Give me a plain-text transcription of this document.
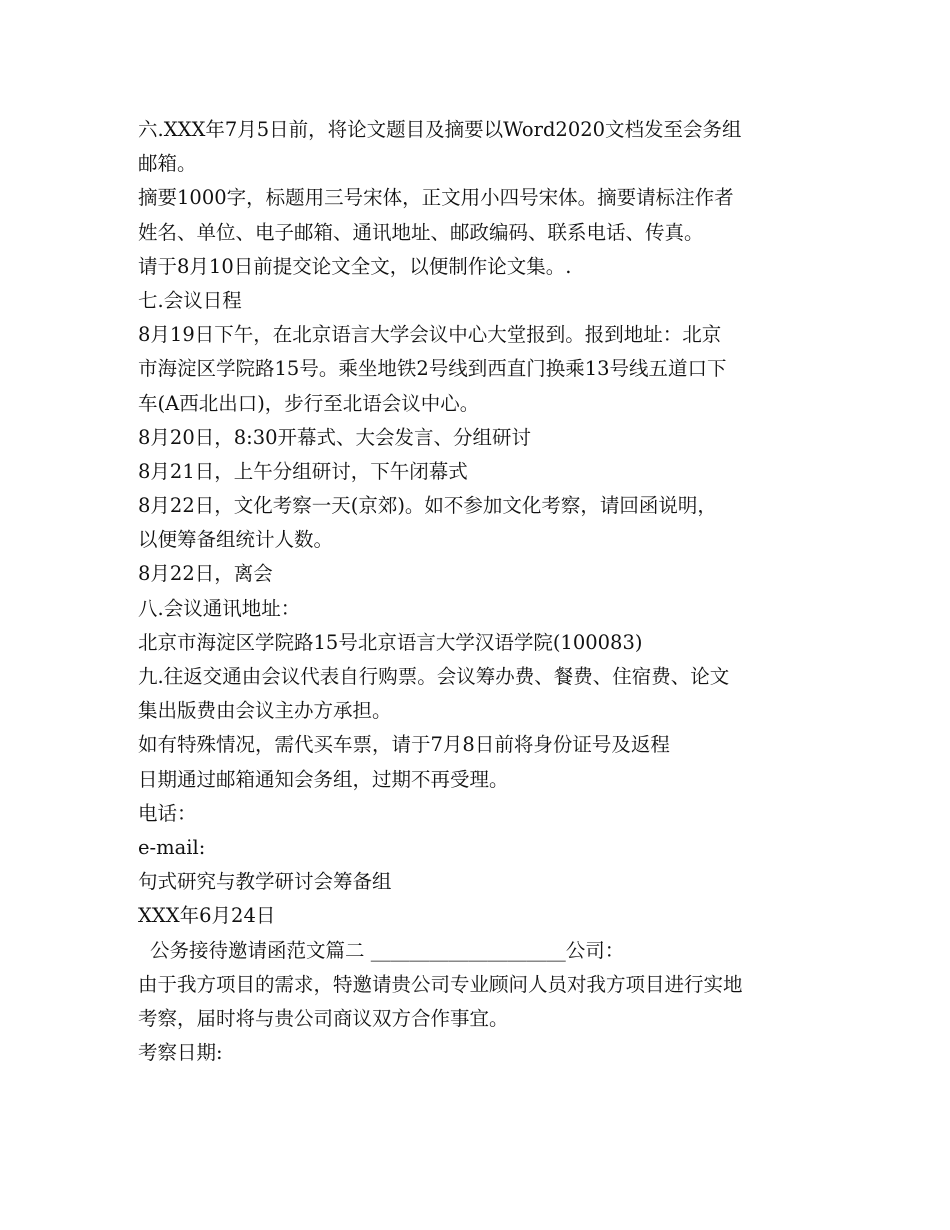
六.XXX年7月5日前，将论文题目及摘要以Word2020文档发至会务组
邮箱。
摘要1000字，标题用三号宋体，正文用小四号宋体。摘要请标注作者
姓名、单位、电子邮箱、通讯地址、邮政编码、联系电话、传真。
请于8月10日前提交论文全文，以便制作论文集。.
七.会议日程
8月19日下午，在北京语言大学会议中心大堂报到。报到地址：北京
市海淀区学院路15号。乘坐地铁2号线到西直门换乘13号线五道口下
车(A西北出口)，步行至北语会议中心。
8月20日，8:30开幕式、大会发言、分组研讨
8月21日，上午分组研讨，下午闭幕式
8月22日，文化考察一天(京郊)。如不参加文化考察，请回函说明，
以便筹备组统计人数。
8月22日，离会
八.会议通讯地址：
北京市海淀区学院路15号北京语言大学汉语学院(100083)
九.往返交通由会议代表自行购票。会议筹办费、餐费、住宿费、论文
集出版费由会议主办方承担。
如有特殊情况，需代买车票，请于7月8日前将身份证号及返程
日期通过邮箱通知会务组，过期不再受理。
电话：
e-mail:
句式研究与教学研讨会筹备组
XXX年6月24日
公务接待邀请函范文篇二 ____________________公司：
由于我方项目的需求，特邀请贵公司专业顾问人员对我方项目进行实地
考察，届时将与贵公司商议双方合作事宜。
考察日期:
